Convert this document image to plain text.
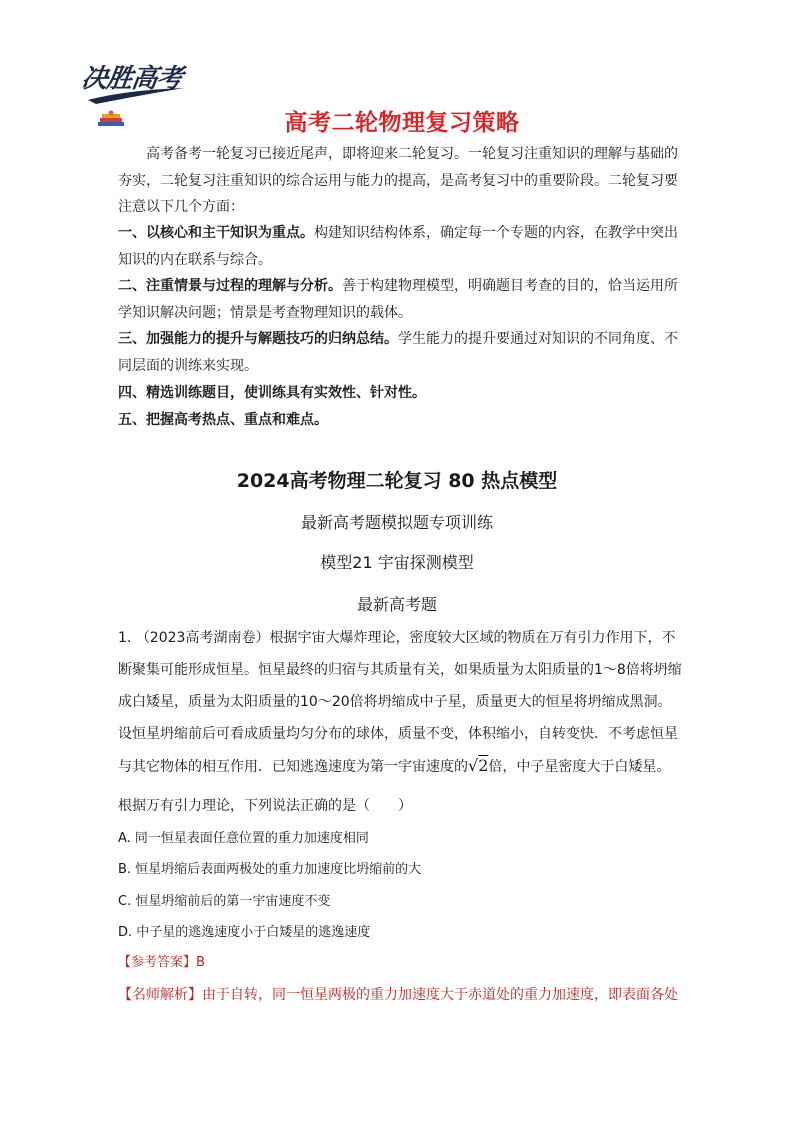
决胜高考
高考二轮物理复习策略

高考备考一轮复习已接近尾声，即将迎来二轮复习。一轮复习注重知识的理解与基础的夯实，二轮复习注重知识的综合运用与能力的提高，是高考复习中的重要阶段。二轮复习要注意以下几个方面：

一、以核心和主干知识为重点。构建知识结构体系，确定每一个专题的内容，在教学中突出知识的内在联系与综合。

二、注重情景与过程的理解与分析。善于构建物理模型，明确题目考查的目的，恰当运用所学知识解决问题；情景是考查物理知识的载体。

三、加强能力的提升与解题技巧的归纳总结。学生能力的提升要通过对知识的不同角度、不同层面的训练来实现。

四、精选训练题目，使训练具有实效性、针对性。

五、把握高考热点、重点和难点。

2024高考物理二轮复习 80 热点模型
最新高考题模拟题专项训练
模型21 宇宙探测模型
最新高考题

1. （2023高考湖南卷）根据宇宙大爆炸理论，密度较大区域的物质在万有引力作用下，不断聚集可能形成恒星。恒星最终的归宿与其质量有关，如果质量为太阳质量的1～8倍将坍缩成白矮星，质量为太阳质量的10～20倍将坍缩成中子星，质量更大的恒星将坍缩成黑洞。设恒星坍缩前后可看成质量均匀分布的球体，质量不变，体积缩小，自转变快．不考虑恒星与其它物体的相互作用．已知逃逸速度为第一宇宙速度的√2倍，中子星密度大于白矮星。

根据万有引力理论，下列说法正确的是（　　）
A. 同一恒星表面任意位置的重力加速度相同
B. 恒星坍缩后表面两极处的重力加速度比坍缩前的大
C. 恒星坍缩前后的第一宇宙速度不变
D. 中子星的逃逸速度小于白矮星的逃逸速度
【参考答案】B
【名师解析】由于自转，同一恒星两极的重力加速度大于赤道处的重力加速度，即表面各处
